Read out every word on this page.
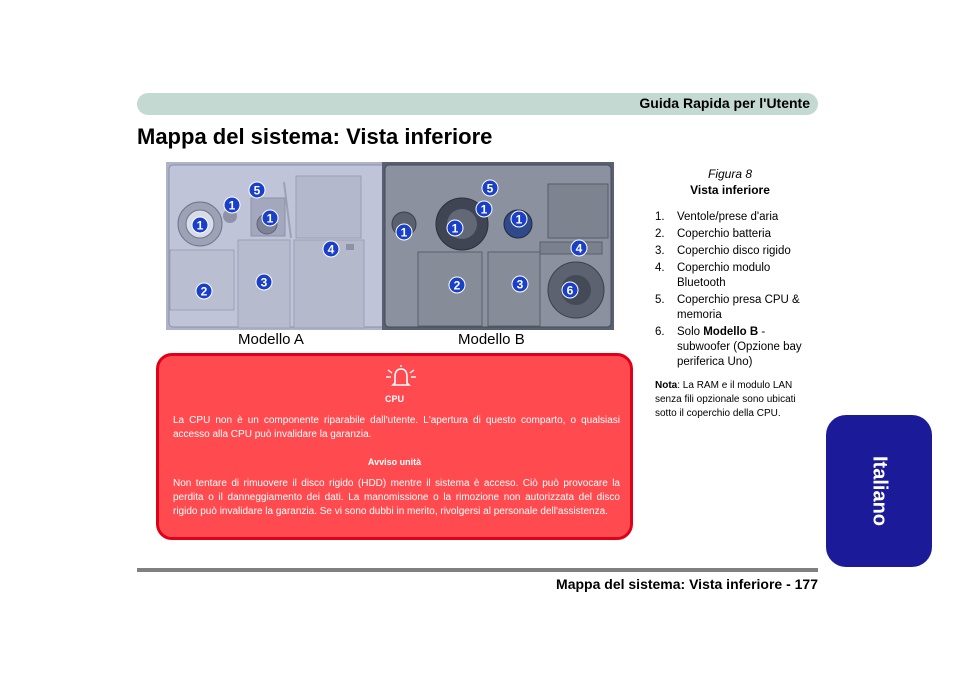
Guida Rapida per l'Utente
Mappa del sistema: Vista inferiore
5
1
1	1
4
3
2
5
1
1
1
1
4
2	3	6
Modello A	Modello B
Figura 8
Vista inferiore
1.	Ventole/prese d'aria
2.	Coperchio batteria
3.	Coperchio disco rigido
4.	Coperchio modulo Bluetooth
5.	Coperchio presa CPU & memoria
6.	Solo Modello B - subwoofer (Opzione bay periferica Uno)
Nota: La RAM e il modulo LAN senza fili opzionale sono ubicati sotto il coperchio della CPU.
CPU

La CPU non è un componente riparabile dall'utente. L'apertura di questo comparto, o qualsiasi accesso alla CPU può invalidare la garanzia.

Avviso unità

Non tentare di rimuovere il disco rigido (HDD) mentre il sistema è acceso. Ciò può provocare la perdita o il danneggiamento dei dati. La manomissione o la rimozione non autorizzata del disco rigido può invalidare la garanzia. Se vi sono dubbi in merito, rivolgersi al personale dell'assistenza.	Italiano
Mappa del sistema: Vista inferiore - 177
